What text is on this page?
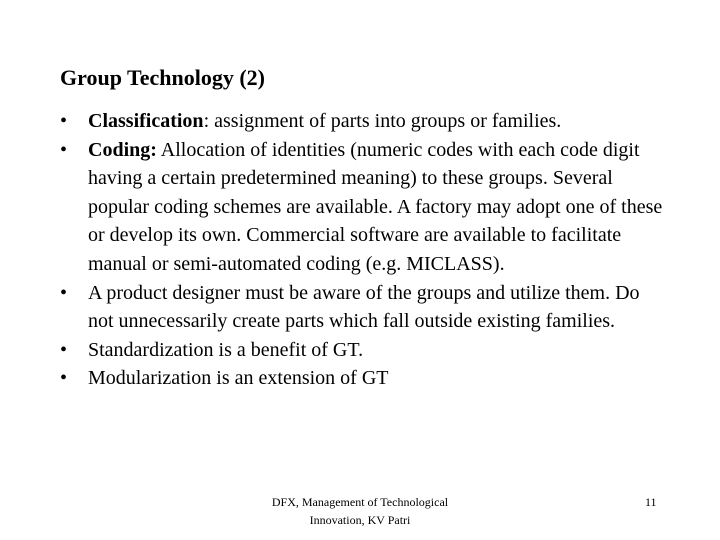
Group Technology (2)
•	Classification: assignment of parts into groups or families.
•	Coding: Allocation of identities (numeric codes with each code digit having a certain predetermined meaning) to these groups. Several popular coding schemes are available. A factory may adopt one of these or develop its own. Commercial software are available to facilitate manual or semi-automated coding (e.g. MICLASS).
•	A product designer must be aware of the groups and utilize them. Do not unnecessarily create parts which fall outside existing families.
•	Standardization is a benefit of GT.
•	Modularization is an extension of GT
DFX, Management of Technological
Innovation, KV Patri
11
